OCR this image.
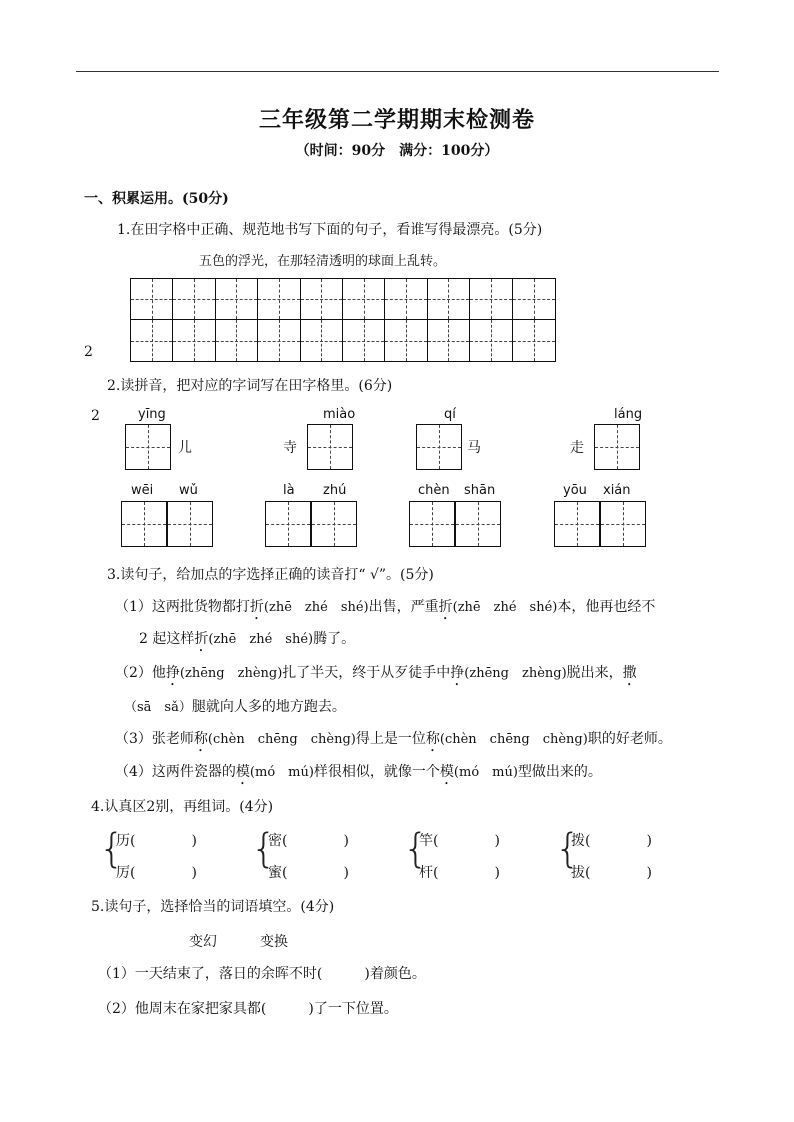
三年级第二学期期末检测卷
（时间：90分　满分：100分）
一、积累运用。(50分)
1.在田字格中正确、规范地书写下面的句子，看谁写得最漂亮。(5分)
五色的浮光，在那轻清透明的球面上乱转。
2
2.读拼音，把对应的字词写在田字格里。(6分)
2	yīng
儿
miào
寺
qí
马
láng
走
wēi wǔ	là zhú	chèn shān	yōu xián
3.读句子，给加点的字选择正确的读音打“ √”。(5分)
（1）这两批货物都打折(zhē　zhé　shé)出售，严重折(zhē　zhé　shé)本，他再也经不
2 起这样折(zhē　zhé　shé)腾了。
（2）他挣(zhēng　zhèng)扎了半天，终于从歹徒手中挣(zhēng　zhèng)脱出来，撒
（sā　sǎ）腿就向人多的地方跑去。
（3）张老师称(chèn　chēng　chèng)得上是一位称(chèn　chēng　chèng)职的好老师。
（4）这两件瓷器的模(mó　mú)样很相似，就像一个模(mó　mú)型做出来的。
4.认真区2别，再组词。(4分)
{
历(　　　　)
厉(　　　　)
{
密(　　　　)
蜜(　　　　)
{
竿(　　　　)
杆(　　　　)
{
拨(　　　　)
拔(　　　　)
5.读句子，选择恰当的词语填空。(4分)
变幻	变换
（1）一天结束了，落日的余晖不时(　　　)着颜色。
（2）他周末在家把家具都(　　　)了一下位置。
